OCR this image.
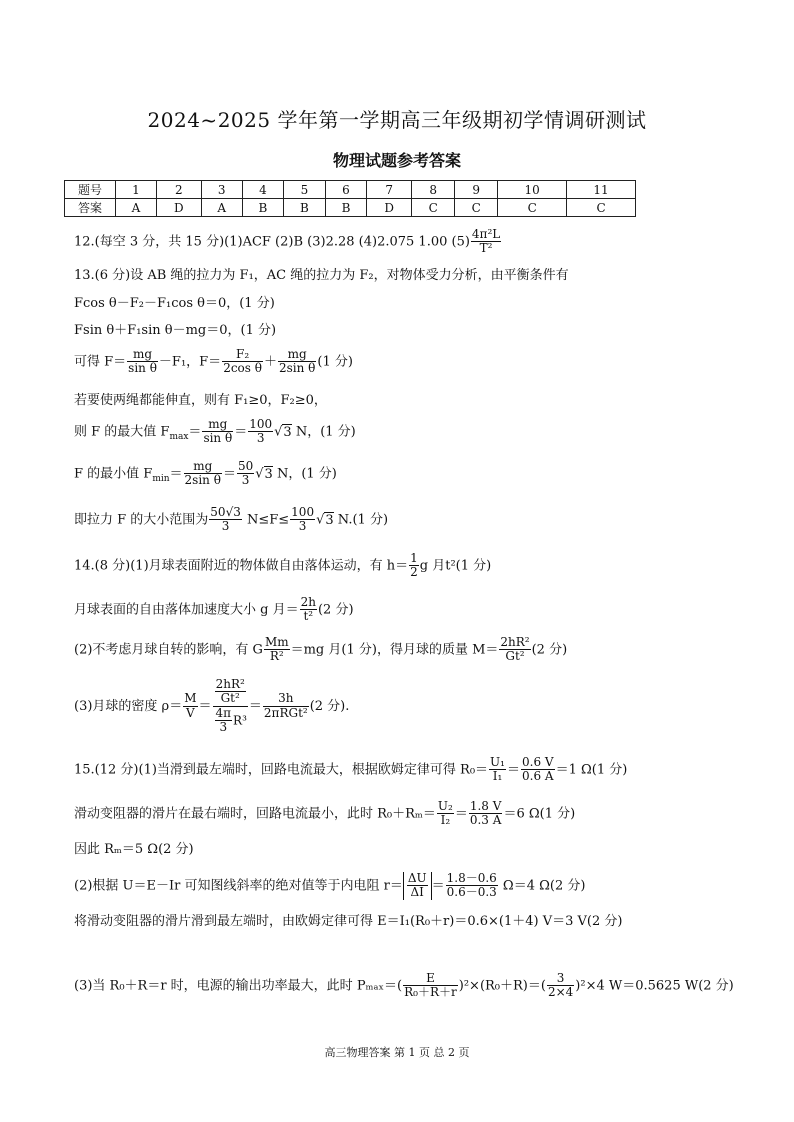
2024~2025 学年第一学期高三年级期初学情调研测试
物理试题参考答案
题号	1	2	3	4	5	6	7	8	9	10	11
答案	A	D	A	B	B	B	D	C	C	C	C
12.(每空 3 分，共 15 分)(1)ACF (2)B (3)2.28 (4)2.075 1.00 $(5) \frac{\text{4π²L}}{\text{T²}}$
13.(6 分)设 AB 绳的拉力为 F₁，AC 绳的拉力为 F₂，对物体受力分析，由平衡条件有
Fcos θ－F₂－F₁cos θ＝0，(1 分)
Fsin θ＋F₁sin θ－mg＝0，(1 分)
可得 $F= \frac{mg}{\text{sin θ}} -F_1$，$F= \frac{\text{F₂}}{\text{2cos θ}} + \frac{mg}{\text{2sin θ}} (1$ 分)
若要使两绳都能伸直，则有 F₁≥0，F₂≥0，
则 F 的最大值 $F_{max}= \frac{mg}{\text{sin θ}} = \frac{100}{3} √3$ N，(1 分)
F 的最小值 $F_{min}= \frac{mg}{\text{2sin θ}} = \frac{50}{3} √3$ N，(1 分)
即拉力 F 的大小范围为 $\frac{50√3}{3} N\le F\le \frac{100}{3} √3$ N.(1 分)
14.(8 分)(1)月球表面附近的物体做自由落体运动，有 $h= \frac{1}{2}$ g 月t²(1 分)
月球表面的自由落体加速度大小 g 月＝ $\frac{2h}{\text{t²}} (2$ 分)
(2)不考虑月球自转的影响，有 G $\frac{Mm}{\text{R²}} =mg$ 月(1 分)，得月球的质量 $M= \frac{\text{2hR²}}{\text{Gt²}} (2$ 分)
(3)月球的密度 $\rho= \frac{M}{V} = \frac{\frac{\text{2hR²}}{\text{Gt²}}}{\frac{4\pi}{3} R^3}$ ＝
3h
2πRGt² (2 分).
15.(12 分)(1)当滑到最左端时，回路电流最大，根据欧姆定律可得 $R_0= \frac{\text{U₁}}{\text{I₁}} = \frac{0.6 V}{0.6 A} =1$ Ω(1 分)
滑动变阻器的滑片在最右端时，回路电流最小，此时 $R_0+R_m= \frac{\text{U₂}}{\text{I₂}} = \frac{1.8 V}{0.3 A} =6$ Ω(1 分)
因此 Rₘ＝5 Ω(2 分)
(2)根据 U＝E－Ir 可知图线斜率的绝对值等于内电阻 $r= \frac{\Delta U}{\Delta I} = \frac{1.8-0.6}{0.6-0.3} \Omega=4$ Ω(2 分)
将滑动变阻器的滑片滑到最左端时，由欧姆定律可得 E＝I₁(R₀＋r)＝0.6×(1＋4) V＝3 V(2 分)
(3)当 R₀＋R＝r 时，电源的输出功率最大，此时 $P_{max}=( \frac{E}{\text{R₀＋R＋r}} )^2\times(R_0+R)=( \frac{3}{2\times 4} )^2\times 4$ W＝0.5625 W(2 分)
高三物理答案 第 1 页 总 2 页
